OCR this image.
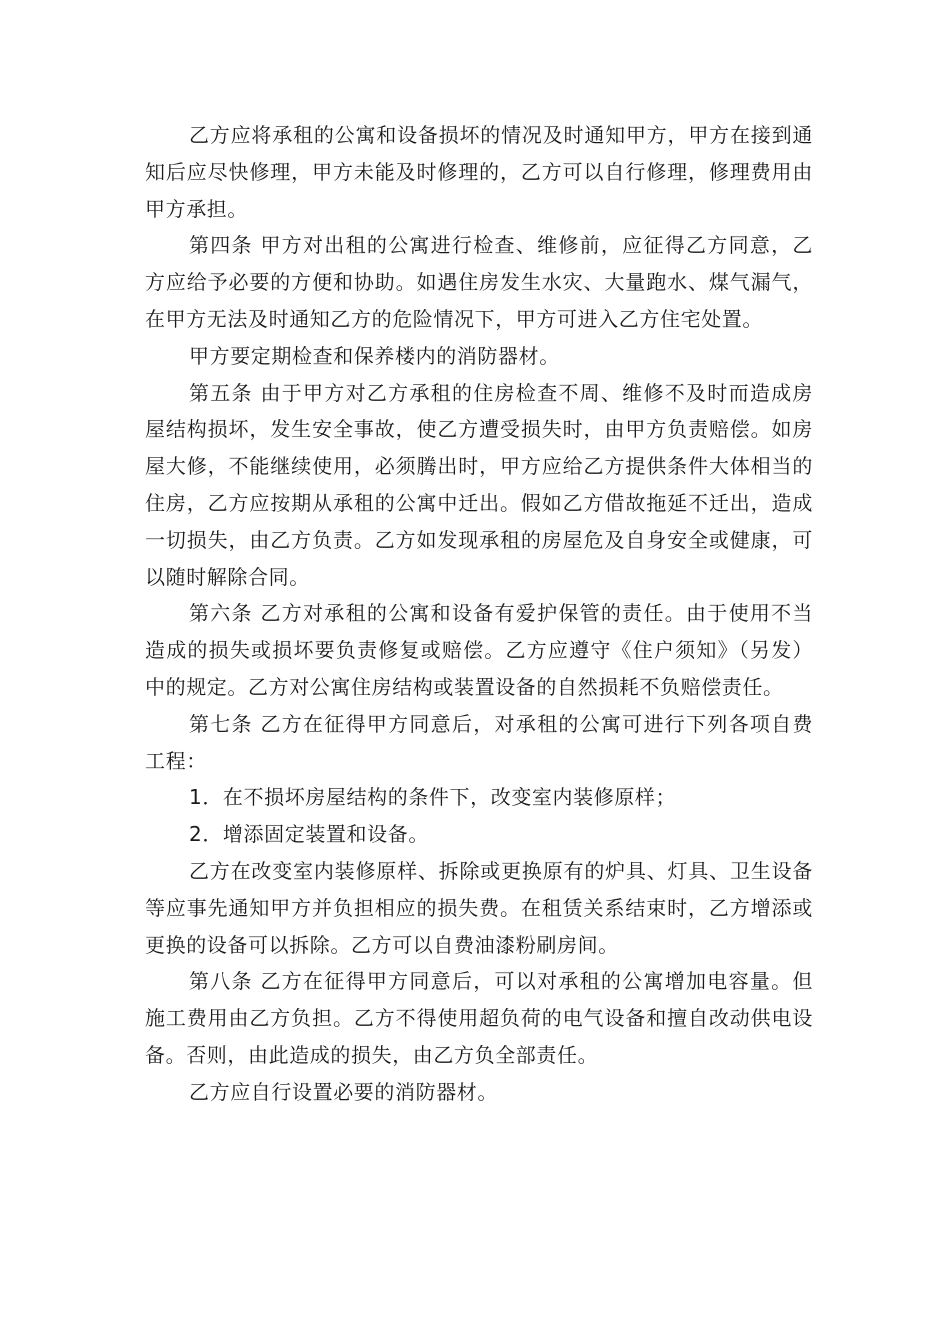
乙方应将承租的公寓和设备损坏的情况及时通知甲方，甲方在接到通知后应尽快修理，甲方未能及时修理的，乙方可以自行修理，修理费用由甲方承担。

第四条 甲方对出租的公寓进行检查、维修前，应征得乙方同意，乙方应给予必要的方便和协助。如遇住房发生水灾、大量跑水、煤气漏气，在甲方无法及时通知乙方的危险情况下，甲方可进入乙方住宅处置。

甲方要定期检查和保养楼内的消防器材。

第五条 由于甲方对乙方承租的住房检查不周、维修不及时而造成房屋结构损坏，发生安全事故，使乙方遭受损失时，由甲方负责赔偿。如房屋大修，不能继续使用，必须腾出时，甲方应给乙方提供条件大体相当的住房，乙方应按期从承租的公寓中迁出。假如乙方借故拖延不迁出，造成一切损失，由乙方负责。乙方如发现承租的房屋危及自身安全或健康，可以随时解除合同。

第六条 乙方对承租的公寓和设备有爱护保管的责任。由于使用不当造成的损失或损坏要负责修复或赔偿。乙方应遵守《住户须知》（另发）中的规定。乙方对公寓住房结构或装置设备的自然损耗不负赔偿责任。

第七条 乙方在征得甲方同意后，对承租的公寓可进行下列各项自费工程：

1．在不损坏房屋结构的条件下，改变室内装修原样；

2．增添固定装置和设备。

乙方在改变室内装修原样、拆除或更换原有的炉具、灯具、卫生设备等应事先通知甲方并负担相应的损失费。在租赁关系结束时，乙方增添或更换的设备可以拆除。乙方可以自费油漆粉刷房间。

第八条 乙方在征得甲方同意后，可以对承租的公寓增加电容量。但施工费用由乙方负担。乙方不得使用超负荷的电气设备和擅自改动供电设备。否则，由此造成的损失，由乙方负全部责任。

乙方应自行设置必要的消防器材。
